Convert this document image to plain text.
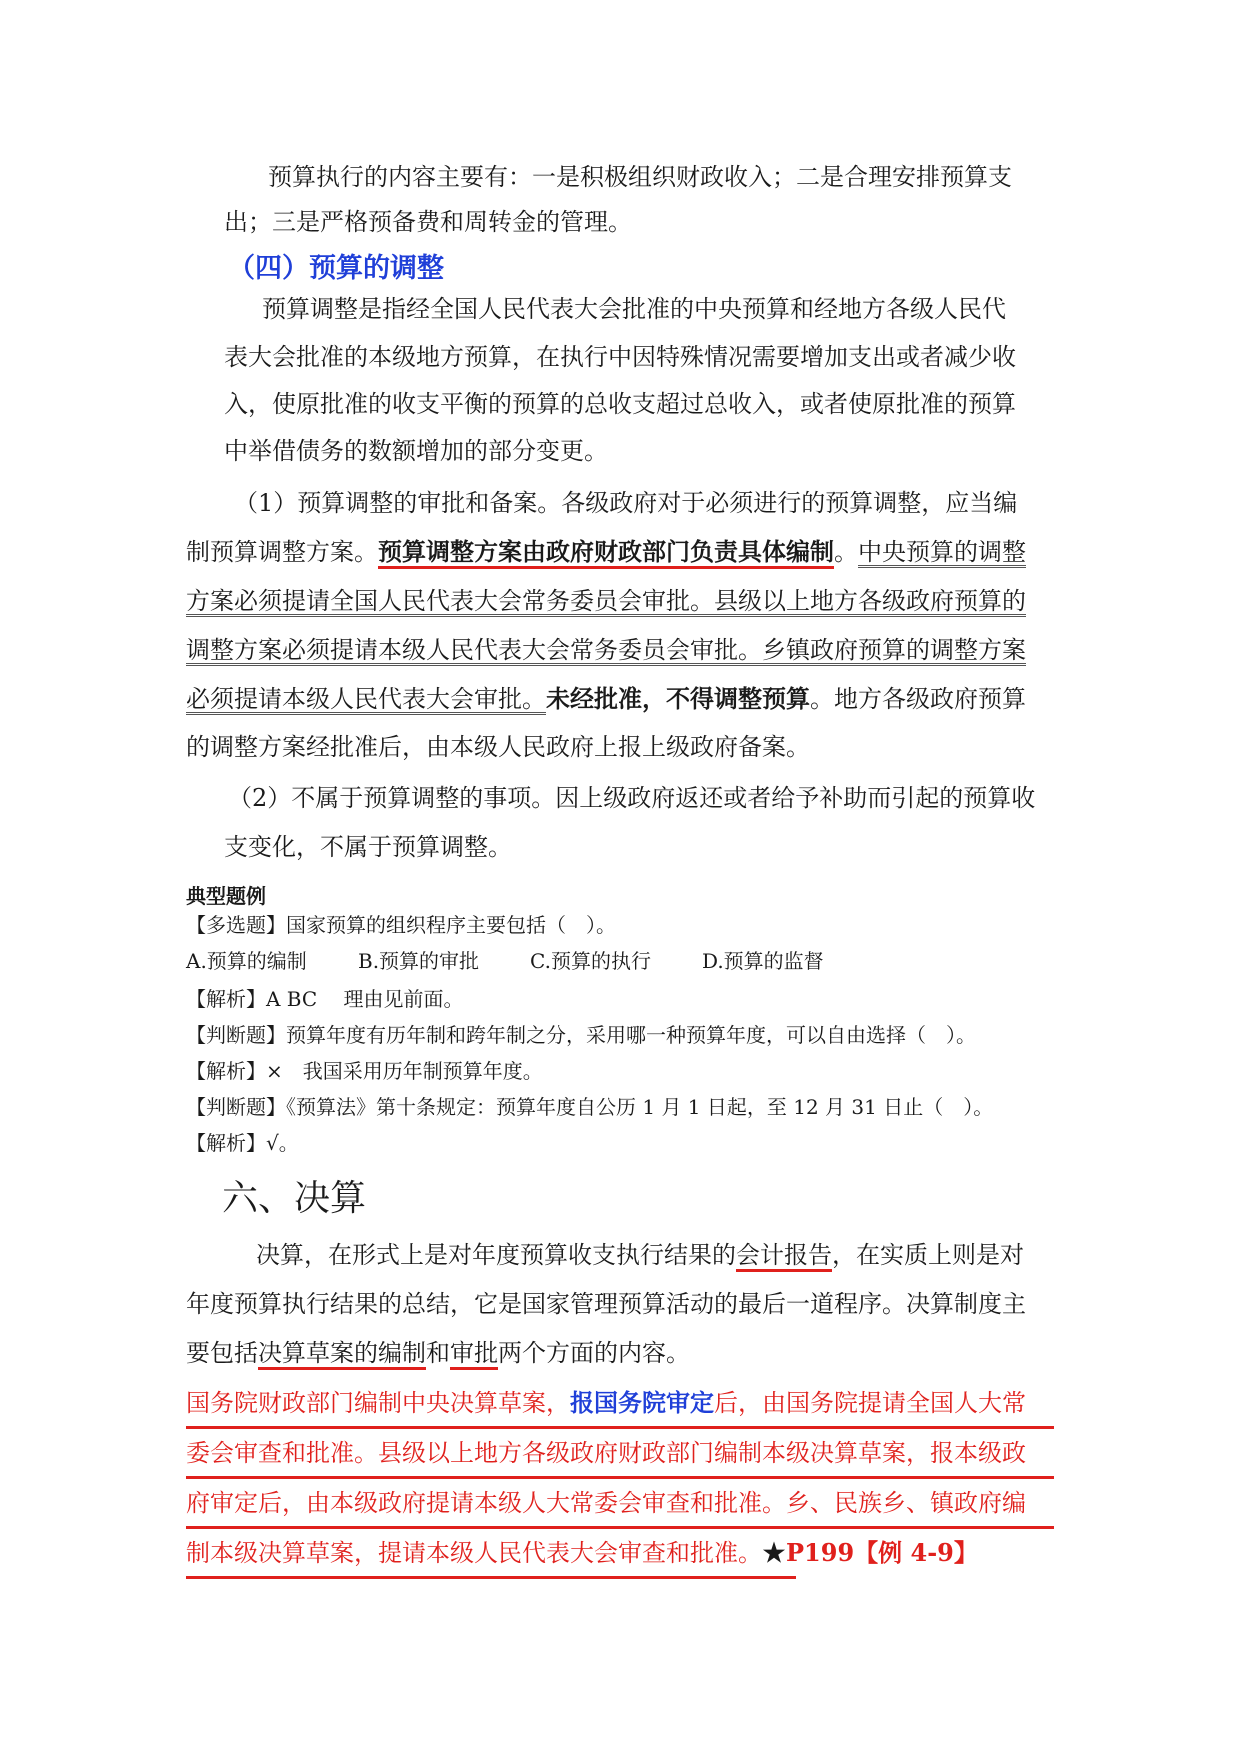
预算执行的内容主要有：一是积极组织财政收入；二是合理安排预算支

出；三是严格预备费和周转金的管理。

（四）预算的调整

预算调整是指经全国人民代表大会批准的中央预算和经地方各级人民代

表大会批准的本级地方预算，在执行中因特殊情况需要增加支出或者减少收

入，使原批准的收支平衡的预算的总收支超过总收入，或者使原批准的预算

中举借债务的数额增加的部分变更。

（1）预算调整的审批和备案。各级政府对于必须进行的预算调整，应当编

制预算调整方案。预算调整方案由政府财政部门负责具体编制。中央预算的调整

方案必须提请全国人民代表大会常务委员会审批。县级以上地方各级政府预算的

调整方案必须提请本级人民代表大会常务委员会审批。乡镇政府预算的调整方案

必须提请本级人民代表大会审批。未经批准，不得调整预算。地方各级政府预算

的调整方案经批准后，由本级人民政府上报上级政府备案。

（2）不属于预算调整的事项。因上级政府返还或者给予补助而引起的预算收

支变化，不属于预算调整。

典型题例

【多选题】国家预算的组织程序主要包括（　）。

A.预算的编制	B.预算的审批	C.预算的执行	D.预算的监督

【解析】A BC　 理由见前面。

【判断题】预算年度有历年制和跨年制之分，采用哪一种预算年度，可以自由选择（　）。

【解析】×　我国采用历年制预算年度。

【判断题】《预算法》第十条规定：预算年度自公历 1 月 1 日起，至 12 月 31 日止（　）。

【解析】√。

六、决算

决算，在形式上是对年度预算收支执行结果的会计报告，在实质上则是对

年度预算执行结果的总结，它是国家管理预算活动的最后一道程序。决算制度主

要包括决算草案的编制和审批两个方面的内容。

国务院财政部门编制中央决算草案，报国务院审定后，由国务院提请全国人大常

委会审查和批准。县级以上地方各级政府财政部门编制本级决算草案，报本级政

府审定后，由本级政府提请本级人大常委会审查和批准。乡、民族乡、镇政府编

制本级决算草案，提请本级人民代表大会审查和批准。★P199【例 4-9】
